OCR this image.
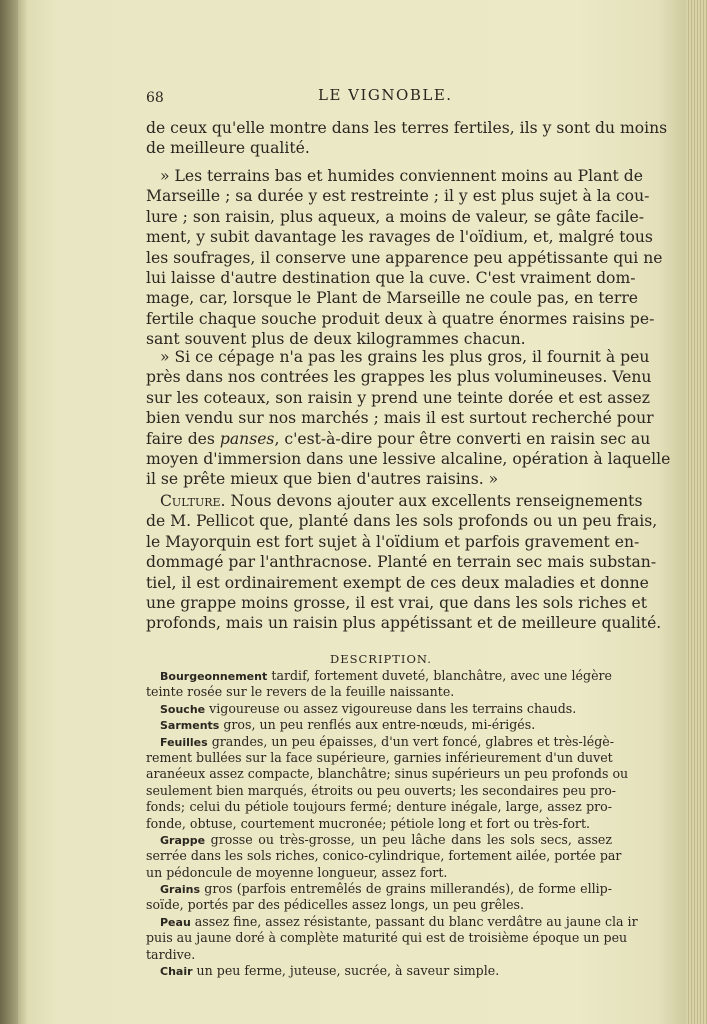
68	LE VIGNOBLE.
de ceux qu'elle montre dans les terres fertiles, ils y sont du moins
de meilleure qualité.
» Les terrains bas et humides conviennent moins au Plant de
Marseille ; sa durée y est restreinte ; il y est plus sujet à la cou-
lure ; son raisin, plus aqueux, a moins de valeur, se gâte facile-
ment, y subit davantage les ravages de l'oïdium, et, malgré tous
les soufrages, il conserve une apparence peu appétissante qui ne
lui laisse d'autre destination que la cuve. C'est vraiment dom-
mage, car, lorsque le Plant de Marseille ne coule pas, en terre
fertile chaque souche produit deux à quatre énormes raisins pe-
sant souvent plus de deux kilogrammes chacun.
» Si ce cépage n'a pas les grains les plus gros, il fournit à peu
près dans nos contrées les grappes les plus volumineuses. Venu
sur les coteaux, son raisin y prend une teinte dorée et est assez
bien vendu sur nos marchés ; mais il est surtout recherché pour
faire des panses, c'est-à-dire pour être converti en raisin sec au
moyen d'immersion dans une lessive alcaline, opération à laquelle
il se prête mieux que bien d'autres raisins. »
Culture. Nous devons ajouter aux excellents renseignements
de M. Pellicot que, planté dans les sols profonds ou un peu frais,
le Mayorquin est fort sujet à l'oïdium et parfois gravement en-
dommagé par l'anthracnose. Planté en terrain sec mais substan-
tiel, il est ordinairement exempt de ces deux maladies et donne
une grappe moins grosse, il est vrai, que dans les sols riches et
profonds, mais un raisin plus appétissant et de meilleure qualité.
DESCRIPTION.
Bourgeonnement tardif, fortement duveté, blanchâtre, avec une légère
teinte rosée sur le revers de la feuille naissante.
Souche vigoureuse ou assez vigoureuse dans les terrains chauds.
Sarments gros, un peu renflés aux entre-nœuds, mi-érigés.
Feuilles grandes, un peu épaisses, d'un vert foncé, glabres et très-légè-
rement bullées sur la face supérieure, garnies inférieurement d'un duvet
aranéeux assez compacte, blanchâtre; sinus supérieurs un peu profonds ou
seulement bien marqués, étroits ou peu ouverts; les secondaires peu pro-
fonds; celui du pétiole toujours fermé; denture inégale, large, assez pro-
fonde, obtuse, courtement mucronée; pétiole long et fort ou très-fort.
Grappe grosse ou très-grosse, un peu lâche dans les sols secs, assez
serrée dans les sols riches, conico-cylindrique, fortement ailée, portée par
un pédoncule de moyenne longueur, assez fort.
Grains gros (parfois entremêlés de grains millerandés), de forme ellip-
soïde, portés par des pédicelles assez longs, un peu grêles.
Peau assez fine, assez résistante, passant du blanc verdâtre au jaune cla ir
puis au jaune doré à complète maturité qui est de troisième époque un peu
tardive.
Chair un peu ferme, juteuse, sucrée, à saveur simple.
